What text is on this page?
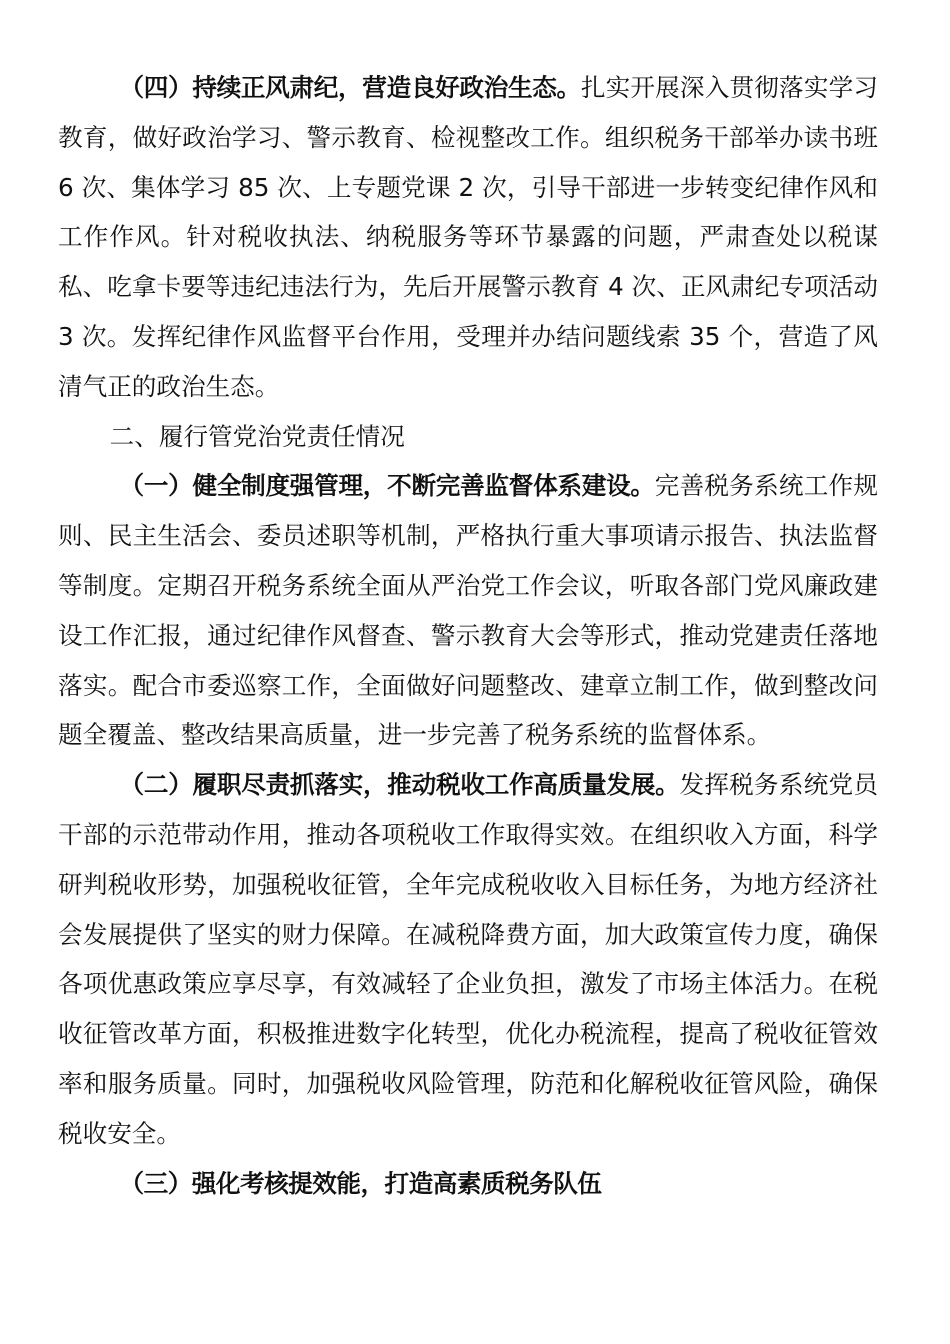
（四）持续正风肃纪，营造良好政治生态。扎实开展深入贯彻落实学习教育，做好政治学习、警示教育、检视整改工作。组织税务干部举办读书班 6 次、集体学习 85 次、上专题党课 2 次，引导干部进一步转变纪律作风和工作作风。针对税收执法、纳税服务等环节暴露的问题，严肃查处以税谋私、吃拿卡要等违纪违法行为，先后开展警示教育 4 次、正风肃纪专项活动 3 次。发挥纪律作风监督平台作用，受理并办结问题线索 35 个，营造了风清气正的政治生态。

二、履行管党治党责任情况

（一）健全制度强管理，不断完善监督体系建设。完善税务系统工作规则、民主生活会、委员述职等机制，严格执行重大事项请示报告、执法监督等制度。定期召开税务系统全面从严治党工作会议，听取各部门党风廉政建设工作汇报，通过纪律作风督查、警示教育大会等形式，推动党建责任落地落实。配合市委巡察工作，全面做好问题整改、建章立制工作，做到整改问题全覆盖、整改结果高质量，进一步完善了税务系统的监督体系。

（二）履职尽责抓落实，推动税收工作高质量发展。发挥税务系统党员干部的示范带动作用，推动各项税收工作取得实效。在组织收入方面，科学研判税收形势，加强税收征管，全年完成税收收入目标任务，为地方经济社会发展提供了坚实的财力保障。在减税降费方面，加大政策宣传力度，确保各项优惠政策应享尽享，有效减轻了企业负担，激发了市场主体活力。在税收征管改革方面，积极推进数字化转型，优化办税流程，提高了税收征管效率和服务质量。同时，加强税收风险管理，防范和化解税收征管风险，确保税收安全。

（三）强化考核提效能，打造高素质税务队伍
